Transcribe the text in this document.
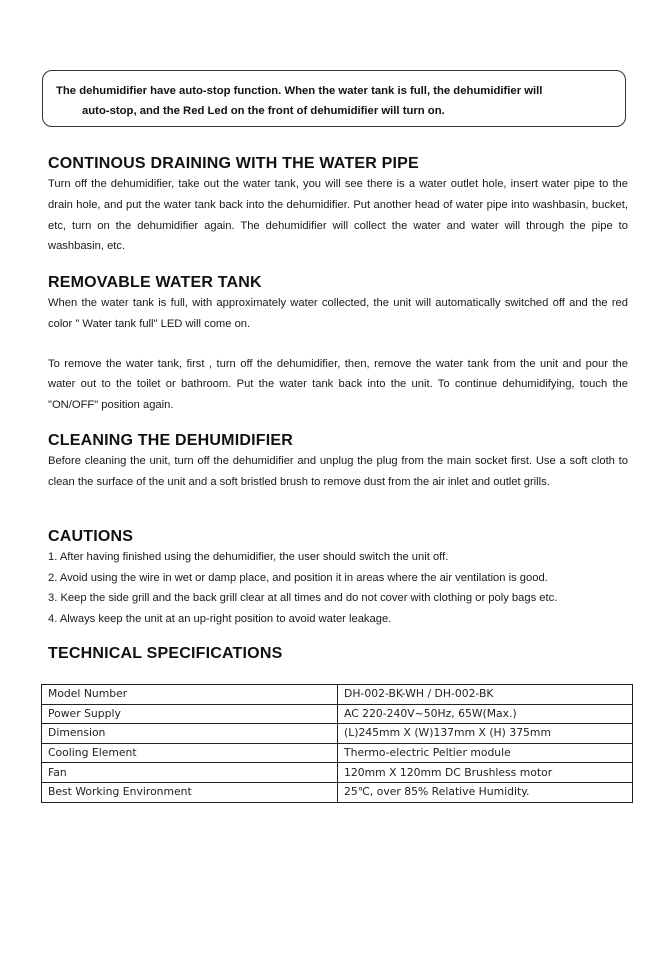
The dehumidifier have auto-stop function. When the water tank is full, the dehumidifier will
auto-stop, and the Red Led on the front of dehumidifier will turn on.
CONTINOUS DRAINING WITH THE WATER PIPE

Turn off the dehumidifier, take out the water tank, you will see there is a water outlet hole, insert water pipe to the drain hole, and put the water tank back into the dehumidifier. Put another head of water pipe into washbasin, bucket, etc, turn on the dehumidifier again. The dehumidifier will collect the water and water will through the pipe to washbasin, etc.

REMOVABLE WATER TANK

When the water tank is full, with approximately water collected, the unit will automatically switched off and the red color " Water tank full" LED will come on.

To remove the water tank, first , turn off the dehumidifier, then, remove the water tank from the unit and pour the water out to the toilet or bathroom. Put the water tank back into the unit. To continue dehumidifying, touch the "ON/OFF" position again.

CLEANING THE DEHUMIDIFIER

Before cleaning the unit, turn off the dehumidifier and unplug the plug from the main socket first. Use a soft cloth to clean the surface of the unit and a soft bristled brush to remove dust from the air inlet and outlet grills.

CAUTIONS
1. After having finished using the dehumidifier, the user should switch the unit off.
2. Avoid using the wire in wet or damp place, and position it in areas where the air ventilation is good.
3. Keep the side grill and the back grill clear at all times and do not cover with clothing or poly bags etc.
4. Always keep the unit at an up-right position to avoid water leakage.
TECHNICAL SPECIFICATIONS
Model Number	DH-002-BK-WH / DH-002-BK
Power Supply	AC 220-240V~50Hz, 65W(Max.)
Dimension	(L)245mm X (W)137mm X (H) 375mm
Cooling Element	Thermo-electric Peltier module
Fan	120mm X 120mm DC Brushless motor
Best Working Environment	25℃, over 85% Relative Humidity.
